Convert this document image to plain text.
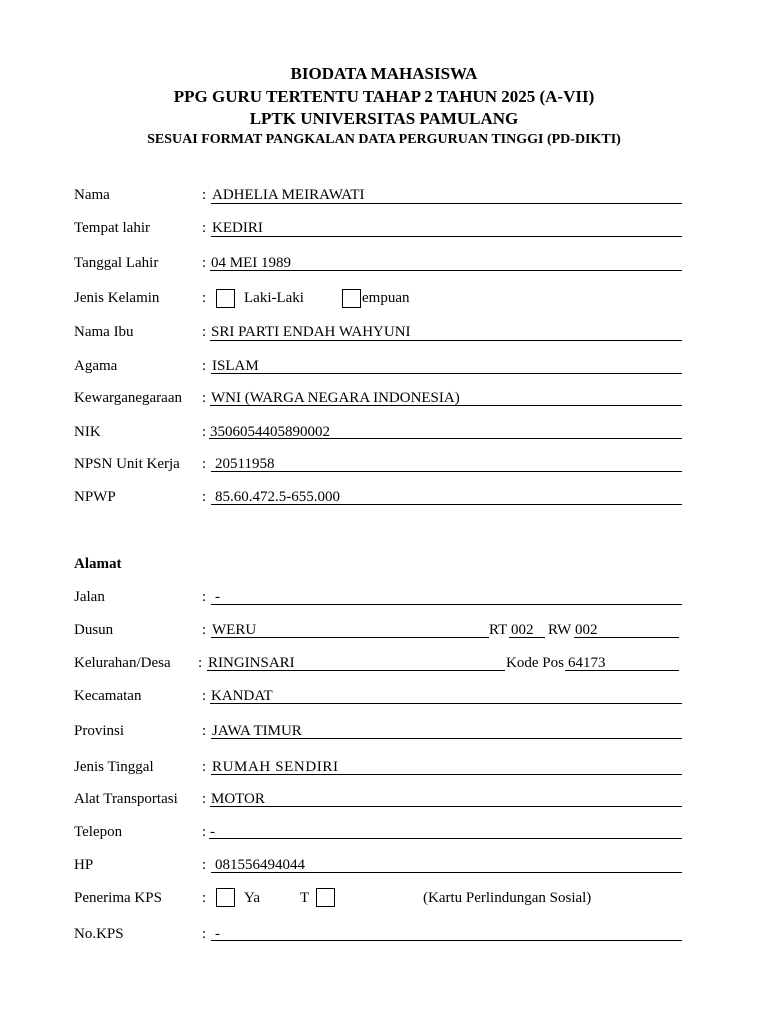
BIODATA MAHASISWA
PPG GURU TERTENTU TAHAP 2 TAHUN 2025 (A-VII)
LPTK UNIVERSITAS PAMULANG
SESUAI FORMAT PANGKALAN DATA PERGURUAN TINGGI (PD-DIKTI)
Nama	: ADHELIA MEIRAWATI
Tempat lahir	: KEDIRI
Tanggal Lahir	: 04 MEI 1989
Jenis Kelamin	:	Laki-Laki	empuan
Nama Ibu	: SRI PARTI ENDAH WAHYUNI
Agama	: ISLAM
Kewarganegaraan : WNI (WARGA NEGARA INDONESIA)
NIK	: 3506054405890002
NPSN Unit Kerja : 20511958
NPWP	: 85.60.472.5-655.000
Alamat
Jalan	: -
Dusun	: WERU	RT 002 RW 002
Kelurahan/Desa : RINGINSARI	Kode Pos 64173
Kecamatan	: KANDAT
Provinsi	: JAWA TIMUR
Jenis Tinggal	: RUMAH SENDIRI
Alat Transportasi : MOTOR
Telepon	: -
HP	: 081556494044
Penerima KPS	:	Ya	T	(Kartu Perlindungan Sosial)
No.KPS	: -
